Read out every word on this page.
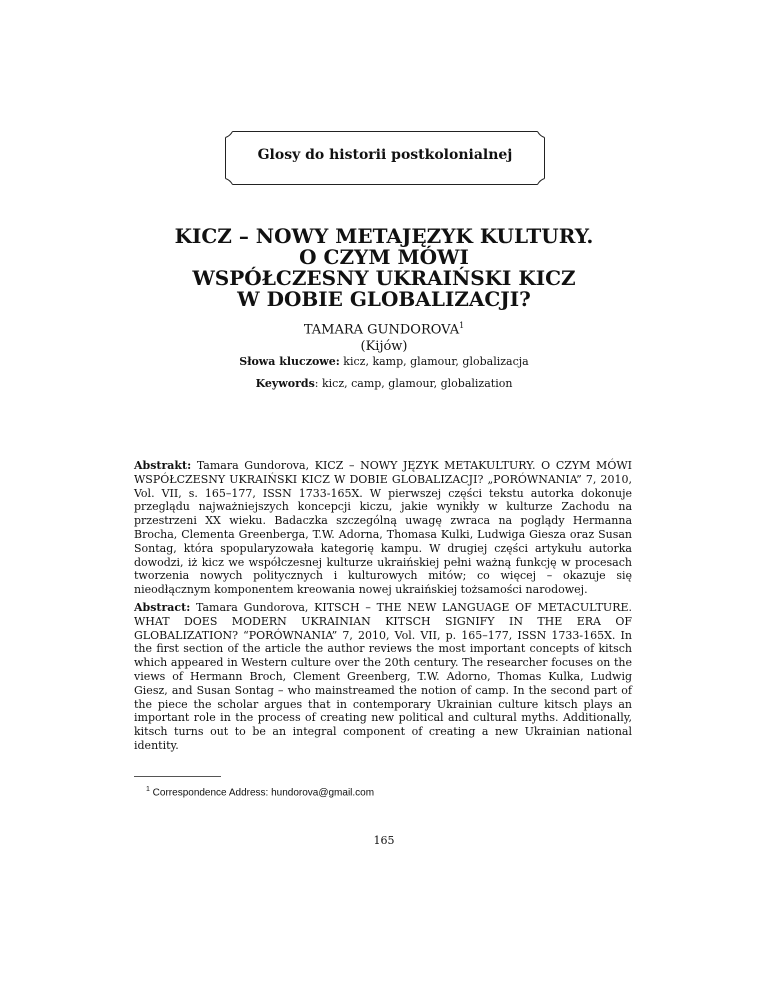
Glosy do historii postkolonialnej
KICZ – NOWY METAJĘZYK KULTURY.
O CZYM MÓWI
WSPÓŁCZESNY UKRAIŃSKI KICZ
W DOBIE GLOBALIZACJI?
TAMARA GUNDOROVA$^1$
(Kijów)
Słowa kluczowe: kicz, kamp, glamour, globalizacja
Keywords: kicz, camp, glamour, globalization

Abstrakt: Tamara Gundorova, KICZ – NOWY JĘZYK METAKULTURY. O CZYM MÓWI WSPÓŁCZESNY UKRAIŃSKI KICZ W DOBIE GLOBALIZACJI? „PORÓWNANIA” 7, 2010, Vol. VII, s. 165–177, ISSN 1733-165X. W pierwszej części tekstu autorka dokonuje przeglądu najważniejszych koncepcji kiczu, jakie wynikły w kulturze Zachodu na przestrzeni XX wieku. Badaczka szczególną uwagę zwraca na poglądy Hermanna Brocha, Clementa Greenberga, T.W. Adorna, Thomasa Kulki, Ludwiga Giesza oraz Susan Sontag, która spopularyzowała kategorię kampu. W drugiej części artykułu autorka dowodzi, iż kicz we współczesnej kulturze ukraińskiej pełni ważną funkcję w procesach tworzenia nowych politycznych i kulturowych mitów; co więcej – okazuje się nieodłącznym komponentem kreowania nowej ukraińskiej tożsamości narodowej.

Abstract: Tamara Gundorova, KITSCH – THE NEW LANGUAGE OF METACULTURE. WHAT DOES MODERN UKRAINIAN KITSCH SIGNIFY IN THE ERA OF GLOBALIZATION? “PORÓWNANIA” 7, 2010, Vol. VII, p. 165–177, ISSN 1733-165X. In the first section of the article the author reviews the most important concepts of kitsch which appeared in Western culture over the 20th century. The researcher focuses on the views of Hermann Broch, Clement Greenberg, T.W. Adorno, Thomas Kulka, Ludwig Giesz, and Susan Sontag – who mainstreamed the notion of camp. In the second part of the piece the scholar argues that in contemporary Ukrainian culture kitsch plays an important role in the process of creating new political and cultural myths. Additionally, kitsch turns out to be an integral component of creating a new Ukrainian national identity.

$^1$ Correspondence Address: hundorova@gmail.com
165
